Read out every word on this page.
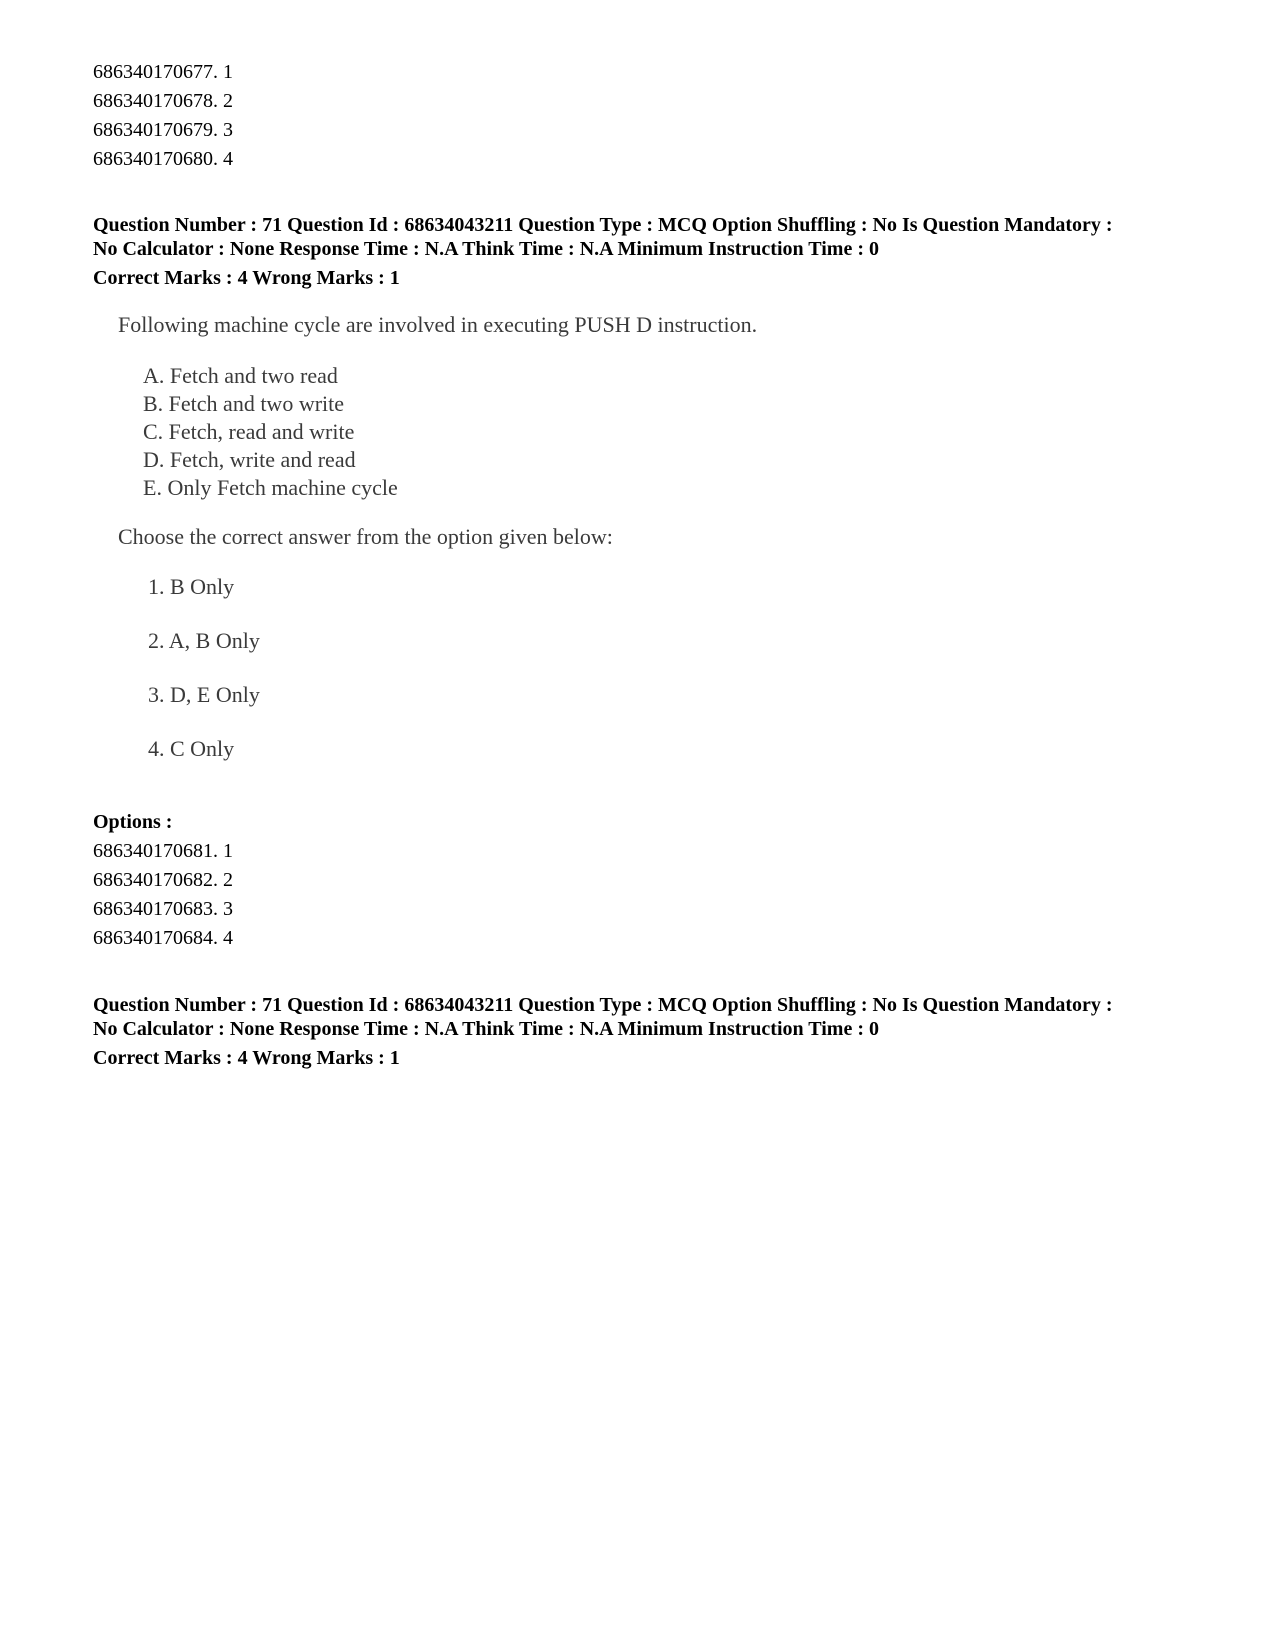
686340170677. 1
686340170678. 2
686340170679. 3
686340170680. 4
Question Number : 71 Question Id : 68634043211 Question Type : MCQ Option Shuffling : No Is Question Mandatory :
No Calculator : None Response Time : N.A Think Time : N.A Minimum Instruction Time : 0
Correct Marks : 4 Wrong Marks : 1

Following machine cycle are involved in executing PUSH D instruction.

A. Fetch and two read
B. Fetch and two write
C. Fetch, read and write
D. Fetch, write and read
E. Only Fetch machine cycle

Choose the correct answer from the option given below:

1. B Only
2. A, B Only
3. D, E Only
4. C Only
Options :
686340170681. 1
686340170682. 2
686340170683. 3
686340170684. 4
Question Number : 71 Question Id : 68634043211 Question Type : MCQ Option Shuffling : No Is Question Mandatory :
No Calculator : None Response Time : N.A Think Time : N.A Minimum Instruction Time : 0
Correct Marks : 4 Wrong Marks : 1
